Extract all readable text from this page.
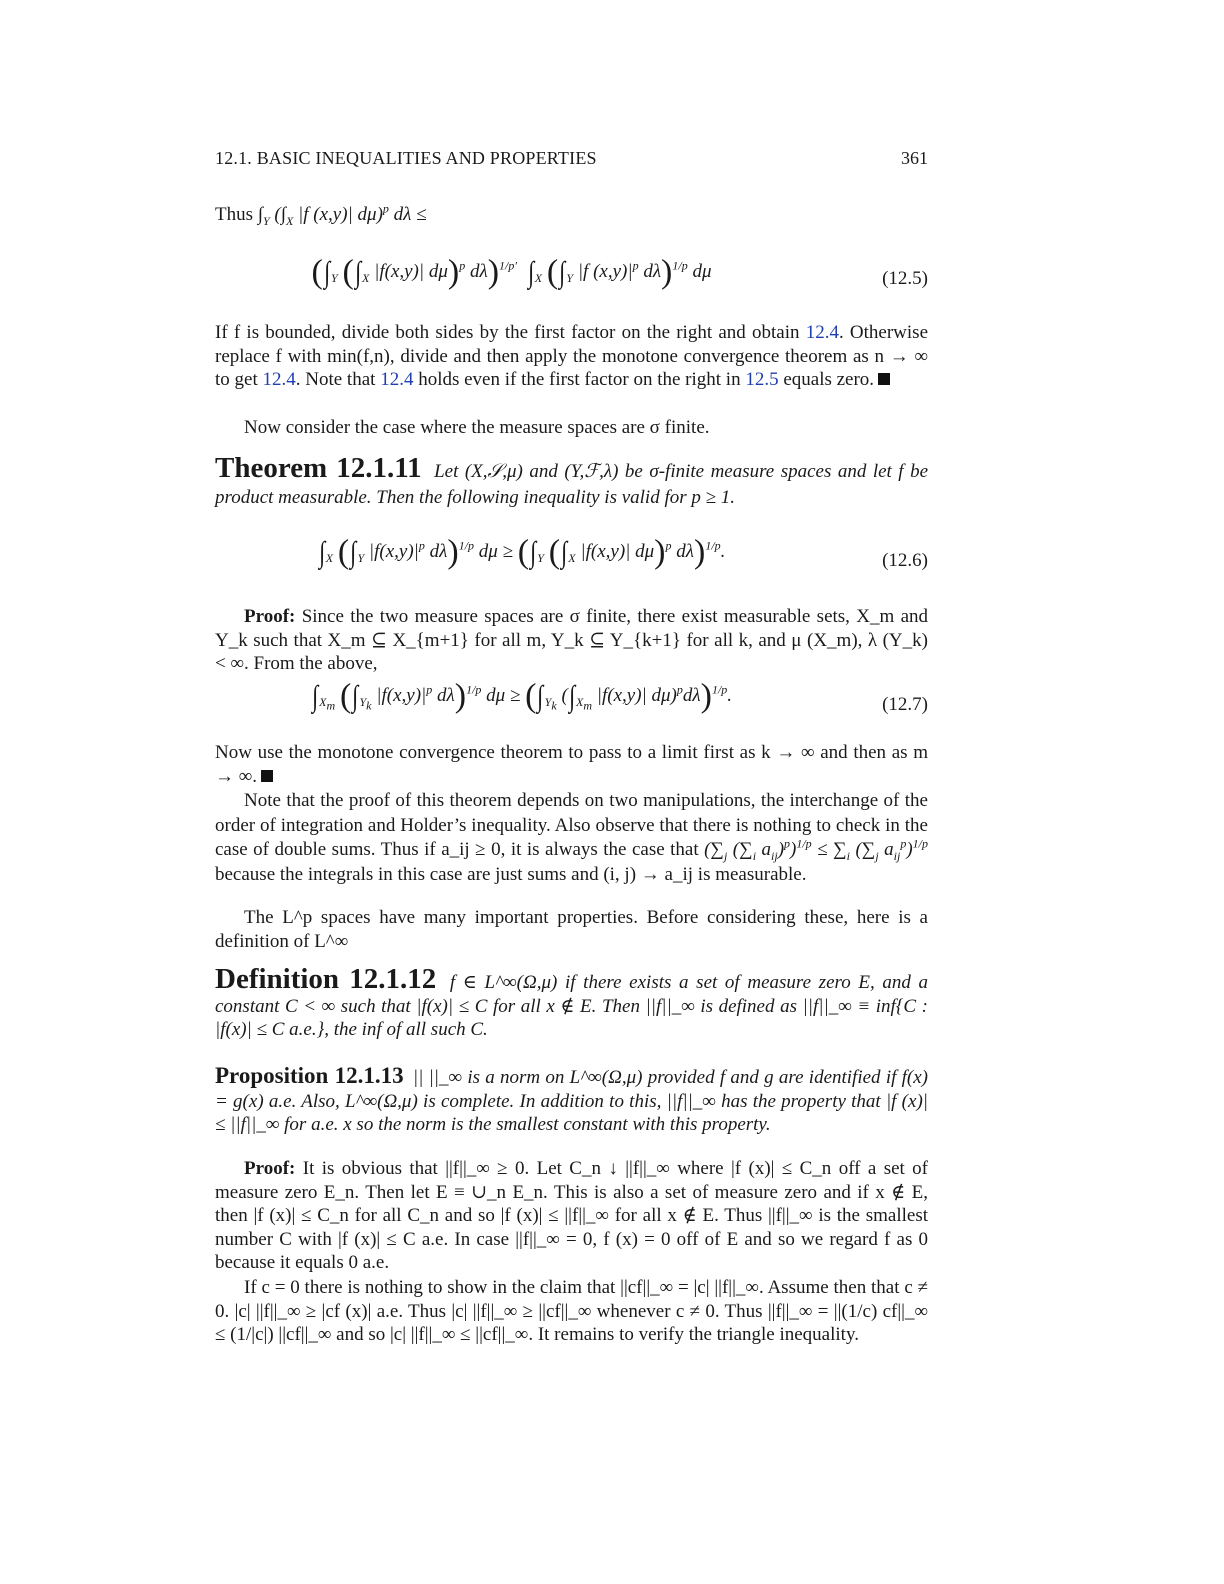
12.1. BASIC INEQUALITIES AND PROPERTIES	361
Thus $\int_Y$ ($\int_X$ |f (x,y)| dμ)$^p$ dλ ≤
($\int_Y$ ($\int_X$ |f(x,y)| dμ)$^p$ dλ)$^{1/p'}$ $\int_X$ ($\int_Y$ |f $(x,y)|^p$ dλ)$^{1/p}$ dμ	(12.5)
If f is bounded, divide both sides by the first factor on the right and obtain 12.4. Otherwise replace f with min(f,n), divide and then apply the monotone convergence theorem as n → ∞ to get 12.4. Note that 12.4 holds even if the first factor on the right in 12.5 equals zero.
Now consider the case where the measure spaces are σ finite.
Theorem 12.1.11 Let (X,𝒮,μ) and (Y,ℱ,λ) be σ-finite measure spaces and let f be product measurable. Then the following inequality is valid for p ≥ 1.
$\int_X$ ($\int_Y$ $|f(x,y)|^p$ dλ)$^{1/p}$ $d\mu \ge (\int_Y$ ($\int_X$ |f(x,y)| dμ)$^p$ dλ)$^{1/p}$.	(12.6)
Proof: Since the two measure spaces are σ finite, there exist measurable sets, X_m and Y_k such that X_m ⊆ X_{m+1} for all m, Y_k ⊆ Y_{k+1} for all k, and μ (X_m), λ (Y_k) < ∞. From the above,
$\int_{X_m}$ ($\int_{Y_k}$ $|f(x,y)|^p$ dλ)$^{1/p}$ $d\mu \ge (\int_{Y_k}$ ($\int_{X_m}$ |f(x,y)| dμ)$^p$dλ)$^{1/p}$.	(12.7)
Now use the monotone convergence theorem to pass to a limit first as k → ∞ and then as m → ∞.
Note that the proof of this theorem depends on two manipulations, the interchange of the order of integration and Holder’s inequality. Also observe that there is nothing to check in the case of double sums. Thus if a_ij ≥ 0, it is always the case that ($\sum_j$ ($\sum_i$ $a_{ij})^p)^{1/p} \le \sum_i$ ($\sum_j$ $a_{ij}^p)^{1/p}$ because the integrals in this case are just sums and (i, j) → a_ij is measurable.
The L^p spaces have many important properties. Before considering these, here is a definition of L^∞
Definition 12.1.12 f ∈ L^∞(Ω,μ) if there exists a set of measure zero E, and a constant C < ∞ such that |f(x)| ≤ C for all x ∉ E. Then ||f||_∞ is defined as ||f||_∞ ≡ inf{C : |f(x)| ≤ C a.e.}, the inf of all such C.
Proposition 12.1.13 || ||_∞ is a norm on L^∞(Ω,μ) provided f and g are identified if f(x) = g(x) a.e. Also, L^∞(Ω,μ) is complete. In addition to this, ||f||_∞ has the property that |f (x)| ≤ ||f||_∞ for a.e. x so the norm is the smallest constant with this property.
Proof: It is obvious that ||f||_∞ ≥ 0. Let C_n ↓ ||f||_∞ where |f (x)| ≤ C_n off a set of measure zero E_n. Then let E ≡ ∪_n E_n. This is also a set of measure zero and if x ∉ E, then |f (x)| ≤ C_n for all C_n and so |f (x)| ≤ ||f||_∞ for all x ∉ E. Thus ||f||_∞ is the smallest number C with |f (x)| ≤ C a.e. In case ||f||_∞ = 0, f (x) = 0 off of E and so we regard f as 0 because it equals 0 a.e.
If c = 0 there is nothing to show in the claim that ||cf||_∞ = |c| ||f||_∞. Assume then that c ≠ 0. |c| ||f||_∞ ≥ |cf (x)| a.e. Thus |c| ||f||_∞ ≥ ||cf||_∞ whenever c ≠ 0. Thus ||f||_∞ = ||(1/c) cf||_∞ ≤ (1/|c|) ||cf||_∞ and so |c| ||f||_∞ ≤ ||cf||_∞. It remains to verify the triangle inequality.
